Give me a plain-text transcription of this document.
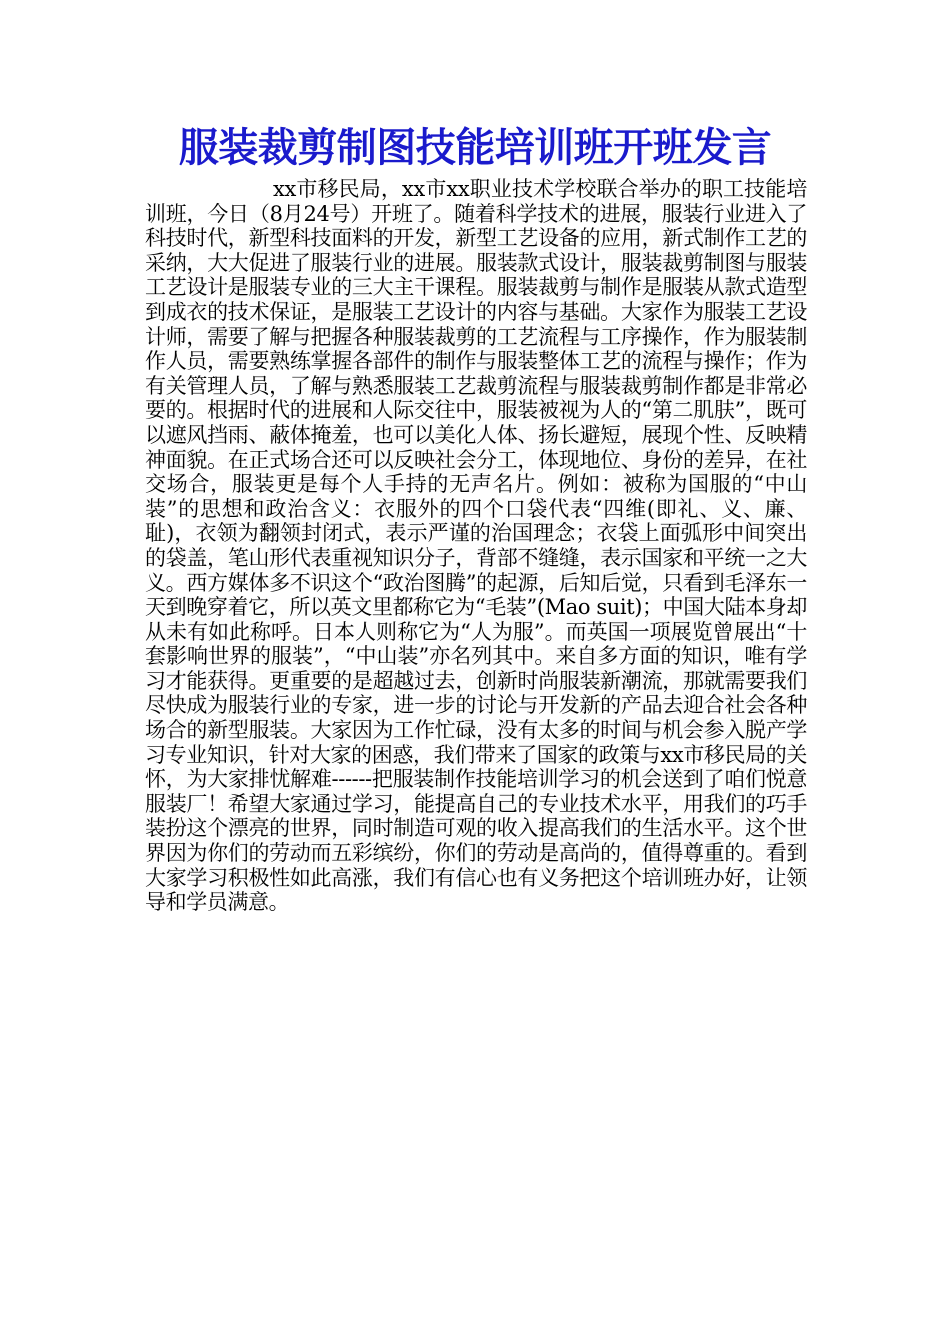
服装裁剪制图技能培训班开班发言

xx市移民局，xx市xx职业技术学校联合举办的职工技能培训班，今日（8月24号）开班了。随着科学技术的进展，服装行业进入了科技时代，新型科技面料的开发，新型工艺设备的应用，新式制作工艺的采纳，大大促进了服装行业的进展。服装款式设计，服装裁剪制图与服装工艺设计是服装专业的三大主干课程。服装裁剪与制作是服装从款式造型到成衣的技术保证，是服装工艺设计的内容与基础。大家作为服装工艺设计师，需要了解与把握各种服装裁剪的工艺流程与工序操作，作为服装制作人员，需要熟练掌握各部件的制作与服装整体工艺的流程与操作；作为有关管理人员，了解与熟悉服装工艺裁剪流程与服装裁剪制作都是非常必要的。根据时代的进展和人际交往中，服装被视为人的“第二肌肤”，既可以遮风挡雨、蔽体掩羞，也可以美化人体、扬长避短，展现个性、反映精神面貌。在正式场合还可以反映社会分工，体现地位、身份的差异，在社交场合，服装更是每个人手持的无声名片。例如：被称为国服的“中山装”的思想和政治含义：衣服外的四个口袋代表“四维(即礼、义、廉、耻)，衣领为翻领封闭式，表示严谨的治国理念；衣袋上面弧形中间突出的袋盖，笔山形代表重视知识分子，背部不缝缝，表示国家和平统一之大义。西方媒体多不识这个“政治图腾”的起源，后知后觉，只看到毛泽东一天到晚穿着它，所以英文里都称它为“毛装”(Mao suit)；中国大陆本身却从未有如此称呼。日本人则称它为“人为服”。而英国一项展览曾展出“十套影响世界的服装”，“中山装”亦名列其中。来自多方面的知识，唯有学习才能获得。更重要的是超越过去，创新时尚服装新潮流，那就需要我们尽快成为服装行业的专家，进一步的讨论与开发新的产品去迎合社会各种场合的新型服装。大家因为工作忙碌，没有太多的时间与机会参入脱产学习专业知识，针对大家的困惑，我们带来了国家的政策与xx市移民局的关怀，为大家排忧解难------把服装制作技能培训学习的机会送到了咱们悦意服装厂！希望大家通过学习，能提高自己的专业技术水平，用我们的巧手装扮这个漂亮的世界，同时制造可观的收入提高我们的生活水平。这个世界因为你们的劳动而五彩缤纷，你们的劳动是高尚的，值得尊重的。看到大家学习积极性如此高涨，我们有信心也有义务把这个培训班办好，让领导和学员满意。
